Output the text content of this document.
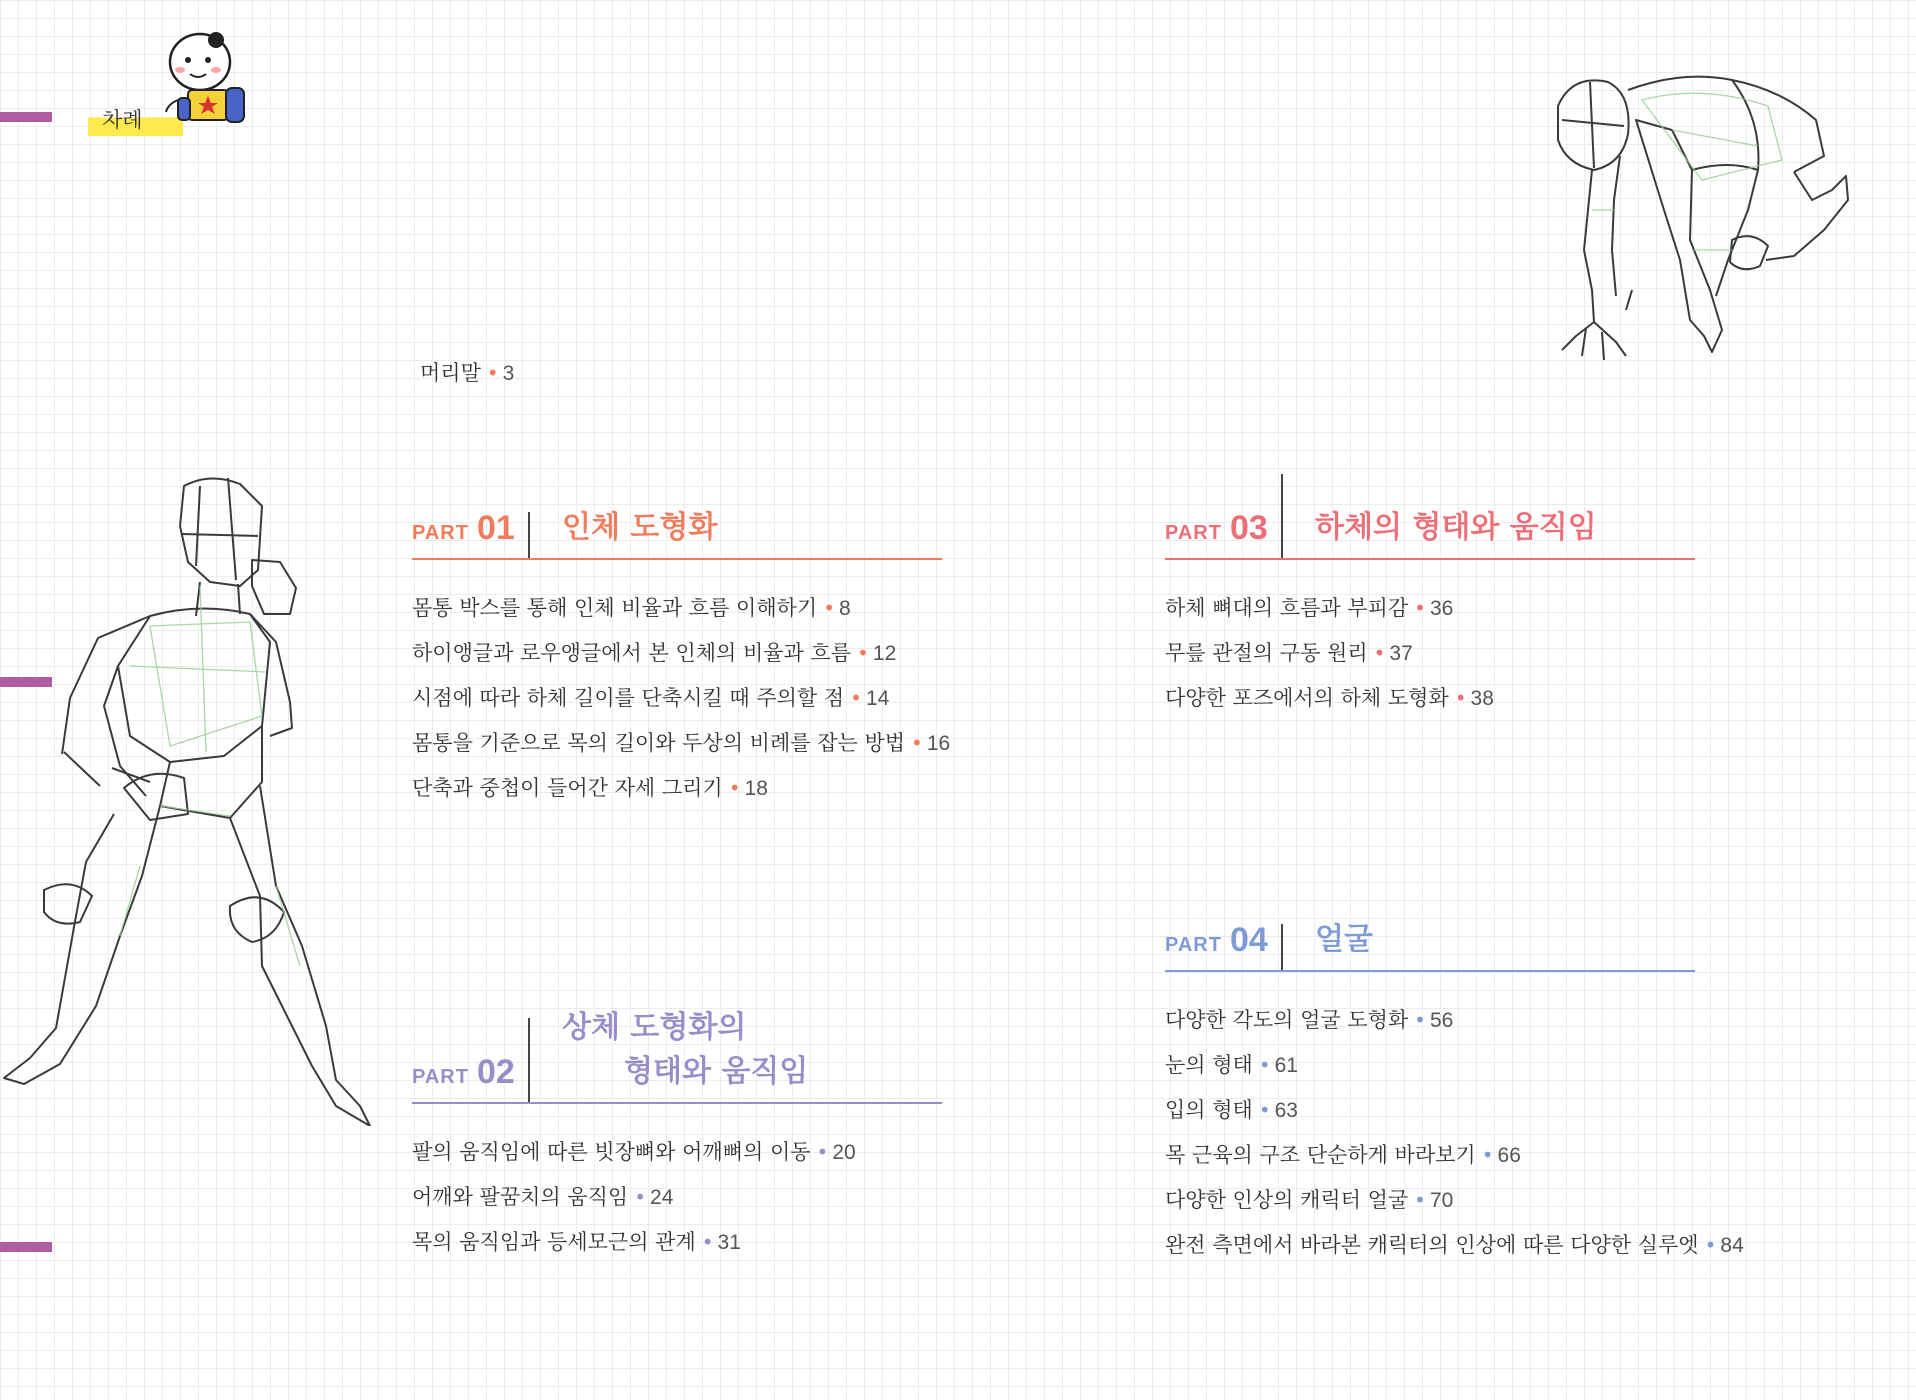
차례
머리말 • 3
PART 01 인체 도형화
몸통 박스를 통해 인체 비율과 흐름 이해하기 • 8
하이앵글과 로우앵글에서 본 인체의 비율과 흐름 • 12
시점에 따라 하체 길이를 단축시킬 때 주의할 점 • 14
몸통을 기준으로 목의 길이와 두상의 비례를 잡는 방법 • 16
단축과 중첩이 들어간 자세 그리기 • 18
PART 02
상체 도형화의
형태와 움직임
팔의 움직임에 따른 빗장뼈와 어깨뼈의 이동 • 20
어깨와 팔꿈치의 움직임 • 24
목의 움직임과 등세모근의 관계 • 31
PART 03 하체의 형태와 움직임
하체 뼈대의 흐름과 부피감 • 36
무릎 관절의 구동 원리 • 37
다양한 포즈에서의 하체 도형화 • 38
PART 04 얼굴
다양한 각도의 얼굴 도형화 • 56
눈의 형태 • 61
입의 형태 • 63
목 근육의 구조 단순하게 바라보기 • 66
다양한 인상의 캐릭터 얼굴 • 70
완전 측면에서 바라본 캐릭터의 인상에 따른 다양한 실루엣 • 84
